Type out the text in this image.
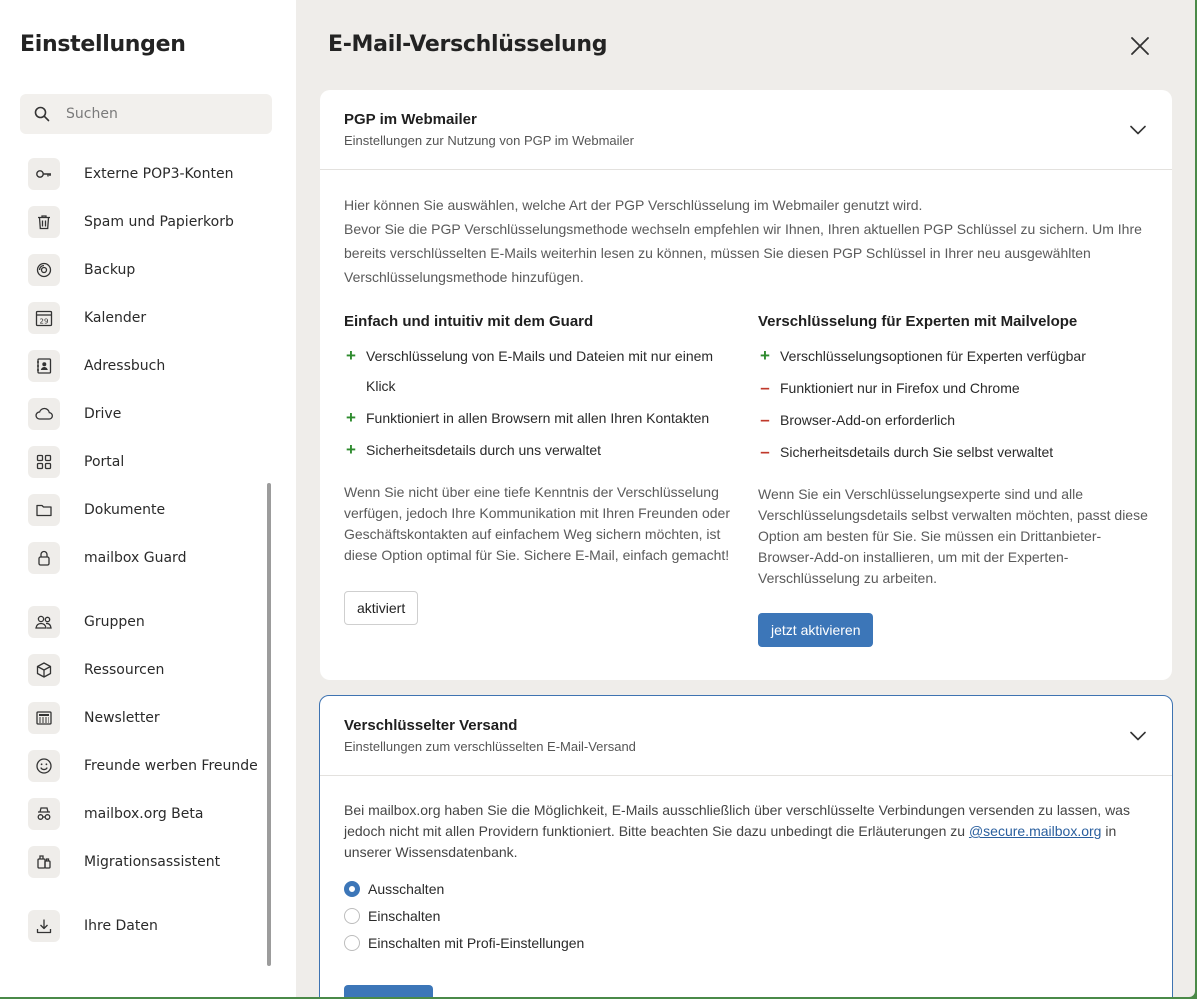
Einstellungen
Suchen
Externe POP3-Konten
Spam und Papierkorb
Backup
29	Kalender
Adressbuch
Drive
Portal
Dokumente
mailbox Guard
Gruppen
Ressourcen
Newsletter
Freunde werben Freunde
mailbox.org Beta
Migrationsassistent
Ihre Daten
E-Mail-Verschlüsselung
PGP im Webmailer
Einstellungen zur Nutzung von PGP im Webmailer
Hier können Sie auswählen, welche Art der PGP Verschlüsselung im Webmailer genutzt wird.
Bevor Sie die PGP Verschlüsselungsmethode wechseln empfehlen wir Ihnen, Ihren aktuellen PGP Schlüssel zu sichern. Um Ihre bereits verschlüsselten E-Mails weiterhin lesen zu können, müssen Sie diesen PGP Schlüssel in Ihrer neu ausgewählten Verschlüsselungsmethode hinzufügen.
Einfach und intuitiv mit dem Guard
+ Verschlüsselung von E-Mails und Dateien mit nur einem Klick
+ Funktioniert in allen Browsern mit allen Ihren Kontakten
+ Sicherheitsdetails durch uns verwaltet
Wenn Sie nicht über eine tiefe Kenntnis der Verschlüsselung verfügen, jedoch Ihre Kommunikation mit Ihren Freunden oder Geschäftskontakten auf einfachem Weg sichern möchten, ist diese Option optimal für Sie. Sichere E-Mail, einfach gemacht!
aktiviert
Verschlüsselung für Experten mit Mailvelope
+ Verschlüsselungsoptionen für Experten verfügbar
– Funktioniert nur in Firefox und Chrome
– Browser-Add-on erforderlich
– Sicherheitsdetails durch Sie selbst verwaltet
Wenn Sie ein Verschlüsselungsexperte sind und alle Verschlüsselungsdetails selbst verwalten möchten, passt diese Option am besten für Sie. Sie müssen ein Drittanbieter-Browser-Add-on installieren, um mit der Experten-Verschlüsselung zu arbeiten.
jetzt aktivieren
Verschlüsselter Versand
Einstellungen zum verschlüsselten E-Mail-Versand
Bei mailbox.org haben Sie die Möglichkeit, E-Mails ausschließlich über verschlüsselte Verbindungen versenden zu lassen, was jedoch nicht mit allen Providern funktioniert. Bitte beachten Sie dazu unbedingt die Erläuterungen zu @secure.mailbox.org in unserer Wissensdatenbank.
Ausschalten
Einschalten
Einschalten mit Profi-Einstellungen
